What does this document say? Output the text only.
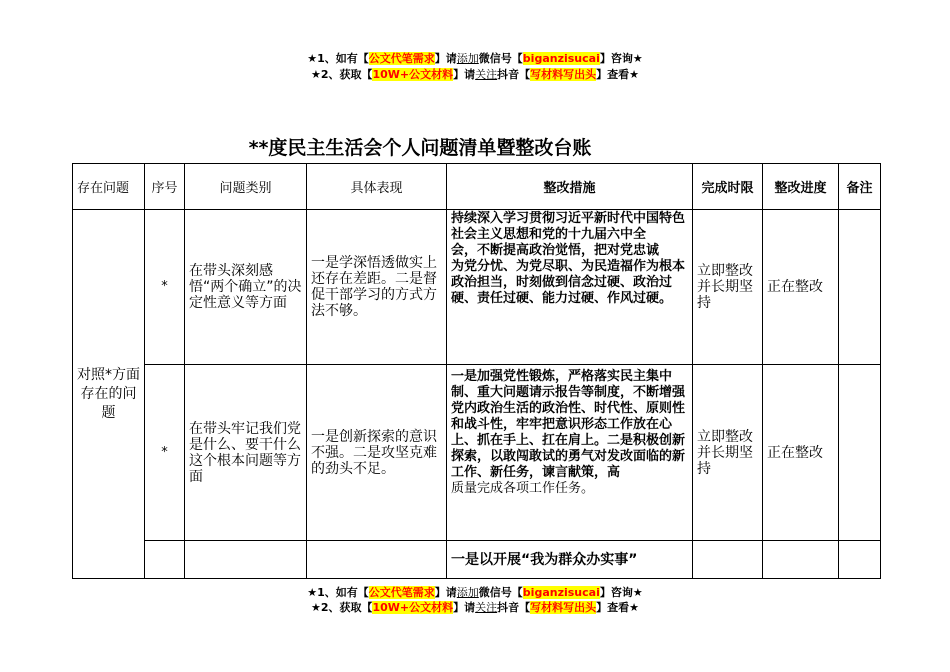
★1、如有【公文代笔需求】请添加微信号【biganzisucai】咨询★
★2、获取【10W+公文材料】请关注抖音【写材料写出头】查看★
**度民主生活会个人问题清单暨整改台账
存在问题	序号	问题类别	具体表现	整改措施	完成时限	整改进度	备注
对照*方面存在的问题	*	在带头深刻感悟“两个确立”的决定性意义等方面	一是学深悟透做实上还存在差距。二是督促干部学习的方式方法不够。	持续深入学习贯彻习近平新时代中国特色社会主义思想和党的十九届六中全
会，不断提高政治觉悟，把对党忠诚
为党分忧、为党尽职、为民造福作为根本政治担当，时刻做到信念过硬、政治过硬、责任过硬、能力过硬、作风过硬。	立即整改并长期坚持	正在整改	
	*	在带头牢记我们党是什么、要干什么这个根本问题等方面	一是创新探索的意识不强。二是攻坚克难的劲头不足。	一是加强党性锻炼，严格落实民主集中制、重大问题请示报告等制度，不断增强党内政治生活的政治性、时代性、原则性和战斗性，牢牢把意识形态工作放在心上、抓在手上、扛在肩上。二是积极创新探索，以敢闯敢试的勇气对发改面临的新工作、新任务，谏言献策，高
质量完成各项工作任务。	立即整改并长期坚持	正在整改	
				一是以开展“我为群众办实事”			
★1、如有【公文代笔需求】请添加微信号【biganzisucai】咨询★
★2、获取【10W+公文材料】请关注抖音【写材料写出头】查看★
